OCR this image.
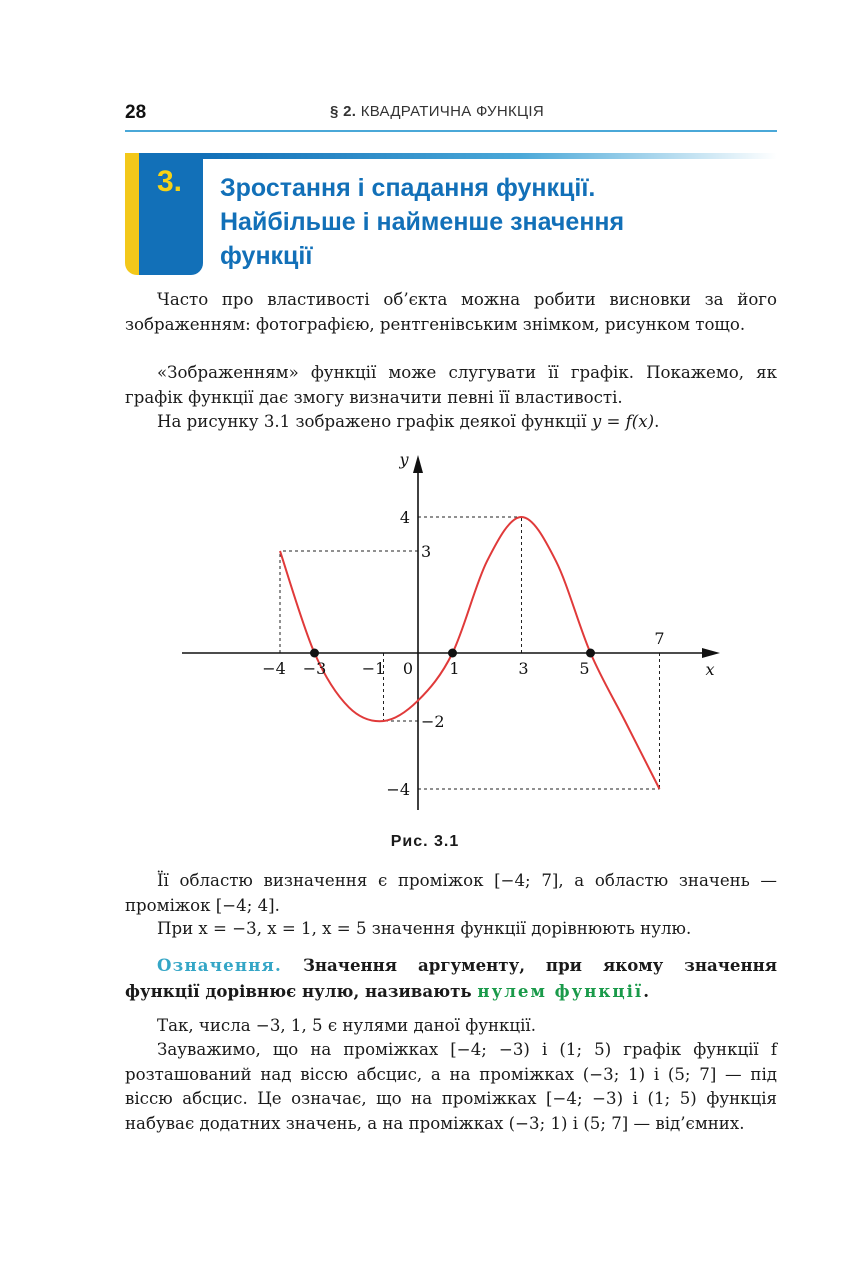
28	§ 2. КВАДРАТИЧНА ФУНКЦІЯ
3. Зростання і спадання функції.
Найбільше і найменше значення
функції

Часто про властивості об’єкта можна робити висновки за його зображенням: фотографією, рентгенівським знімком, рисунком тощо.

«Зображенням» функції може слугувати її графік. Покажемо, як графік функції дає змогу визначити певні її властивості.

На рисунку 3.1 зображено графік деякої функції y = f(x).

−4 −3 −1	1	3	5
7
0
4
3
−2
−4
x
y
Рис. 3.1

Її областю визначення є проміжок [−4; 7], а областю значень — проміжок [−4; 4].

При x = −3, x = 1, x = 5 значення функції дорівнюють нулю.

Означення. Значення аргументу, при якому значення функції дорівнює нулю, називають нулем функції.

Так, числа −3, 1, 5 є нулями даної функції.

Зауважимо, що на проміжках [−4; −3) і (1; 5) графік функції f розташований над віссю абсцис, а на проміжках (−3; 1) і (5; 7] — під віссю абсцис. Це означає, що на проміжках [−4; −3) і (1; 5) функція набуває додатних значень, а на проміжках (−3; 1) і (5; 7] — від’ємних.
